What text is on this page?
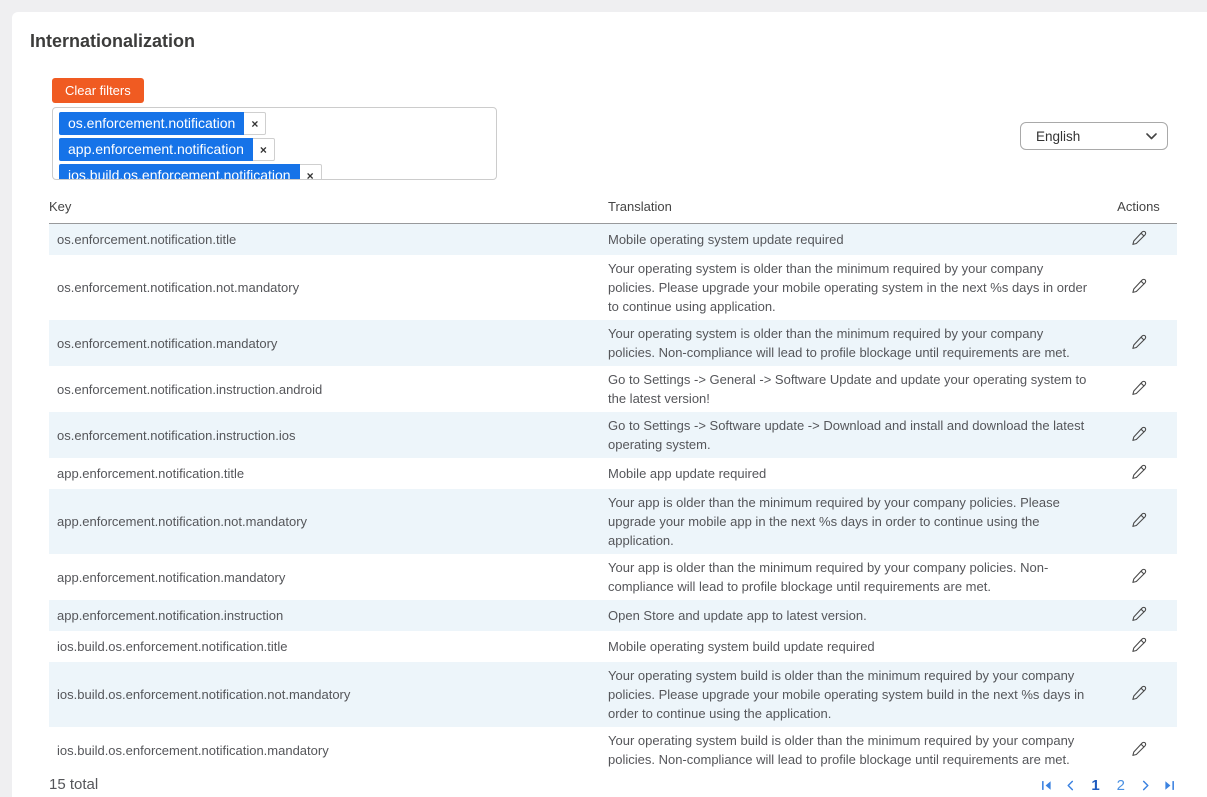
Internationalization
Clear filters
os.enforcement.notification	×
app.enforcement.notification	×
ios.build.os.enforcement.notification	×
English
Key	Translation	Actions
os.enforcement.notification.title	Mobile operating system update required	

os.enforcement.notification.not.mandatory	Your operating system is older than the minimum required by your company policies. Please upgrade your mobile operating system in the next %s days in order to continue using application.	

os.enforcement.notification.mandatory	Your operating system is older than the minimum required by your company policies. Non-compliance will lead to profile blockage until requirements are met.	

os.enforcement.notification.instruction.android	Go to Settings -> General -> Software Update and update your operating system to the latest version!	

os.enforcement.notification.instruction.ios	Go to Settings -> Software update -> Download and install and download the latest operating system.	

app.enforcement.notification.title	Mobile app update required	

app.enforcement.notification.not.mandatory	Your app is older than the minimum required by your company policies. Please upgrade your mobile app in the next %s days in order to continue using the application.	

app.enforcement.notification.mandatory	Your app is older than the minimum required by your company policies. Non-compliance will lead to profile blockage until requirements are met.	

app.enforcement.notification.instruction	Open Store and update app to latest version.	

ios.build.os.enforcement.notification.title	Mobile operating system build update required	

ios.build.os.enforcement.notification.not.mandatory	Your operating system build is older than the minimum required by your company policies. Please upgrade your mobile operating system build in the next %s days in order to continue using the application.	

ios.build.os.enforcement.notification.mandatory	Your operating system build is older than the minimum required by your company policies. Non-compliance will lead to profile blockage until requirements are met.	
15 total	1 2
